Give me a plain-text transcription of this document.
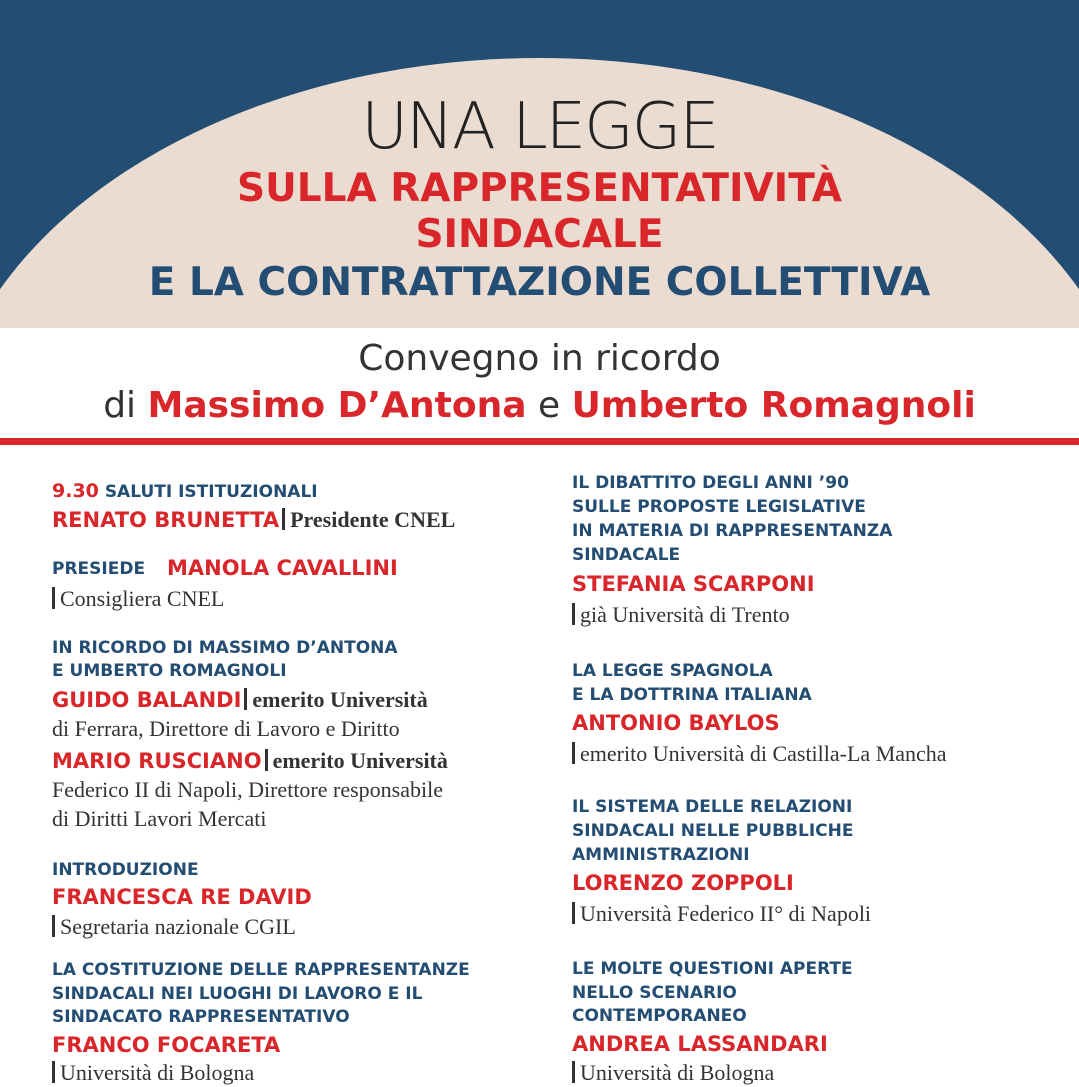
UNA LEGGE
SULLA RAPPRESENTATIVITÀ
SINDACALE
E LA CONTRATTAZIONE COLLETTIVA
Convegno in ricordo
di Massimo D’Antona e Umberto Romagnoli
9.30 SALUTI ISTITUZIONALI
RENATO BRUNETTA Presidente CNEL
PRESIEDE MANOLA CAVALLINI
Consigliera CNEL
IN RICORDO DI MASSIMO D’ANTONA
E UMBERTO ROMAGNOLI
GUIDO BALANDI emerito Università
di Ferrara, Direttore di Lavoro e Diritto
MARIO RUSCIANO emerito Università
Federico II di Napoli, Direttore responsabile
di Diritti Lavori Mercati
INTRODUZIONE
FRANCESCA RE DAVID
Segretaria nazionale CGIL
LA COSTITUZIONE DELLE RAPPRESENTANZE
SINDACALI NEI LUOGHI DI LAVORO E IL
SINDACATO RAPPRESENTATIVO
FRANCO FOCARETA
Università di Bologna
IL DIBATTITO DEGLI ANNI ’90
SULLE PROPOSTE LEGISLATIVE
IN MATERIA DI RAPPRESENTANZA
SINDACALE
STEFANIA SCARPONI
già Università di Trento
LA LEGGE SPAGNOLA
E LA DOTTRINA ITALIANA
ANTONIO BAYLOS
emerito Università di Castilla-La Mancha
IL SISTEMA DELLE RELAZIONI
SINDACALI NELLE PUBBLICHE
AMMINISTRAZIONI
LORENZO ZOPPOLI
Università Federico II° di Napoli
LE MOLTE QUESTIONI APERTE
NELLO SCENARIO
CONTEMPORANEO
ANDREA LASSANDARI
Università di Bologna
